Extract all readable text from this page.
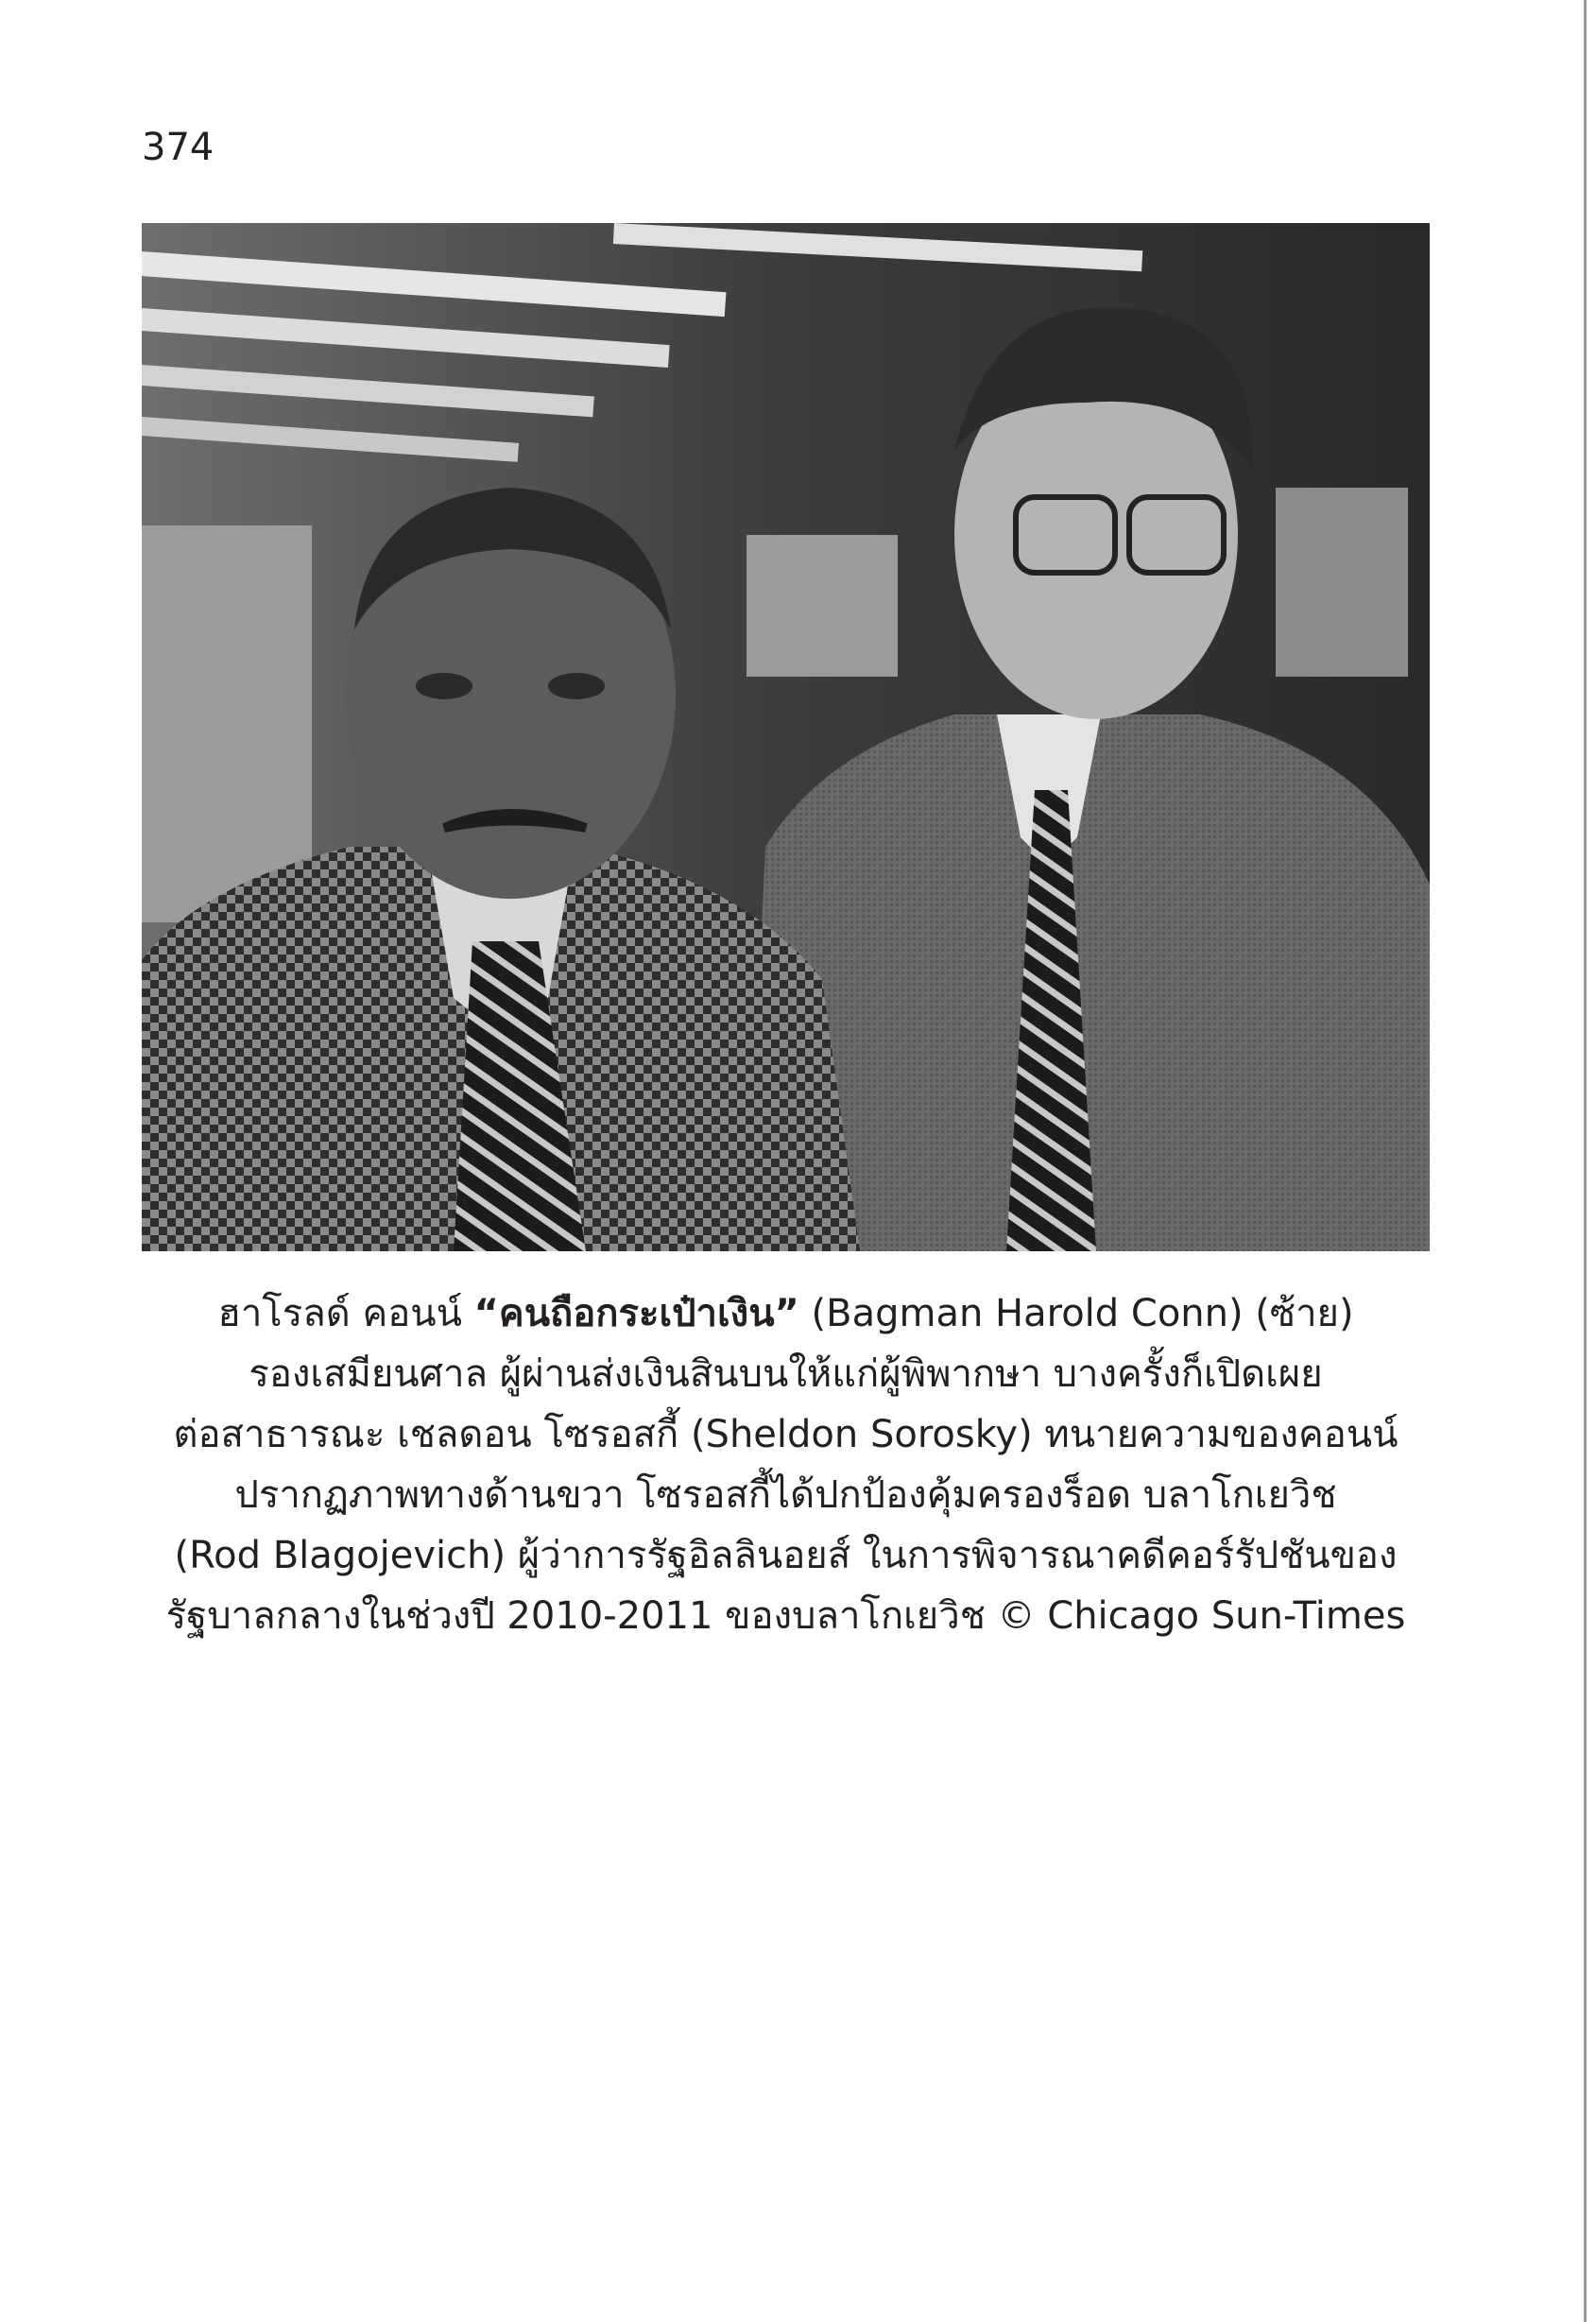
374
ฮาโรลด์ คอนน์ “คนถือกระเป๋าเงิน” (Bagman Harold Conn) (ซ้าย)
รองเสมียนศาล ผู้ผ่านส่งเงินสินบนให้แก่ผู้พิพากษา บางครั้งก็เปิดเผย
ต่อสาธารณะ เชลดอน โซรอสกี้ (Sheldon Sorosky) ทนายความของคอนน์
ปรากฏภาพทางด้านขวา โซรอสกี้ได้ปกป้องคุ้มครองร็อด บลาโกเยวิช
(Rod Blagojevich) ผู้ว่าการรัฐอิลลินอยส์ ในการพิจารณาคดีคอร์รัปชันของ
รัฐบาลกลางในช่วงปี 2010-2011 ของบลาโกเยวิช © Chicago Sun-Times
